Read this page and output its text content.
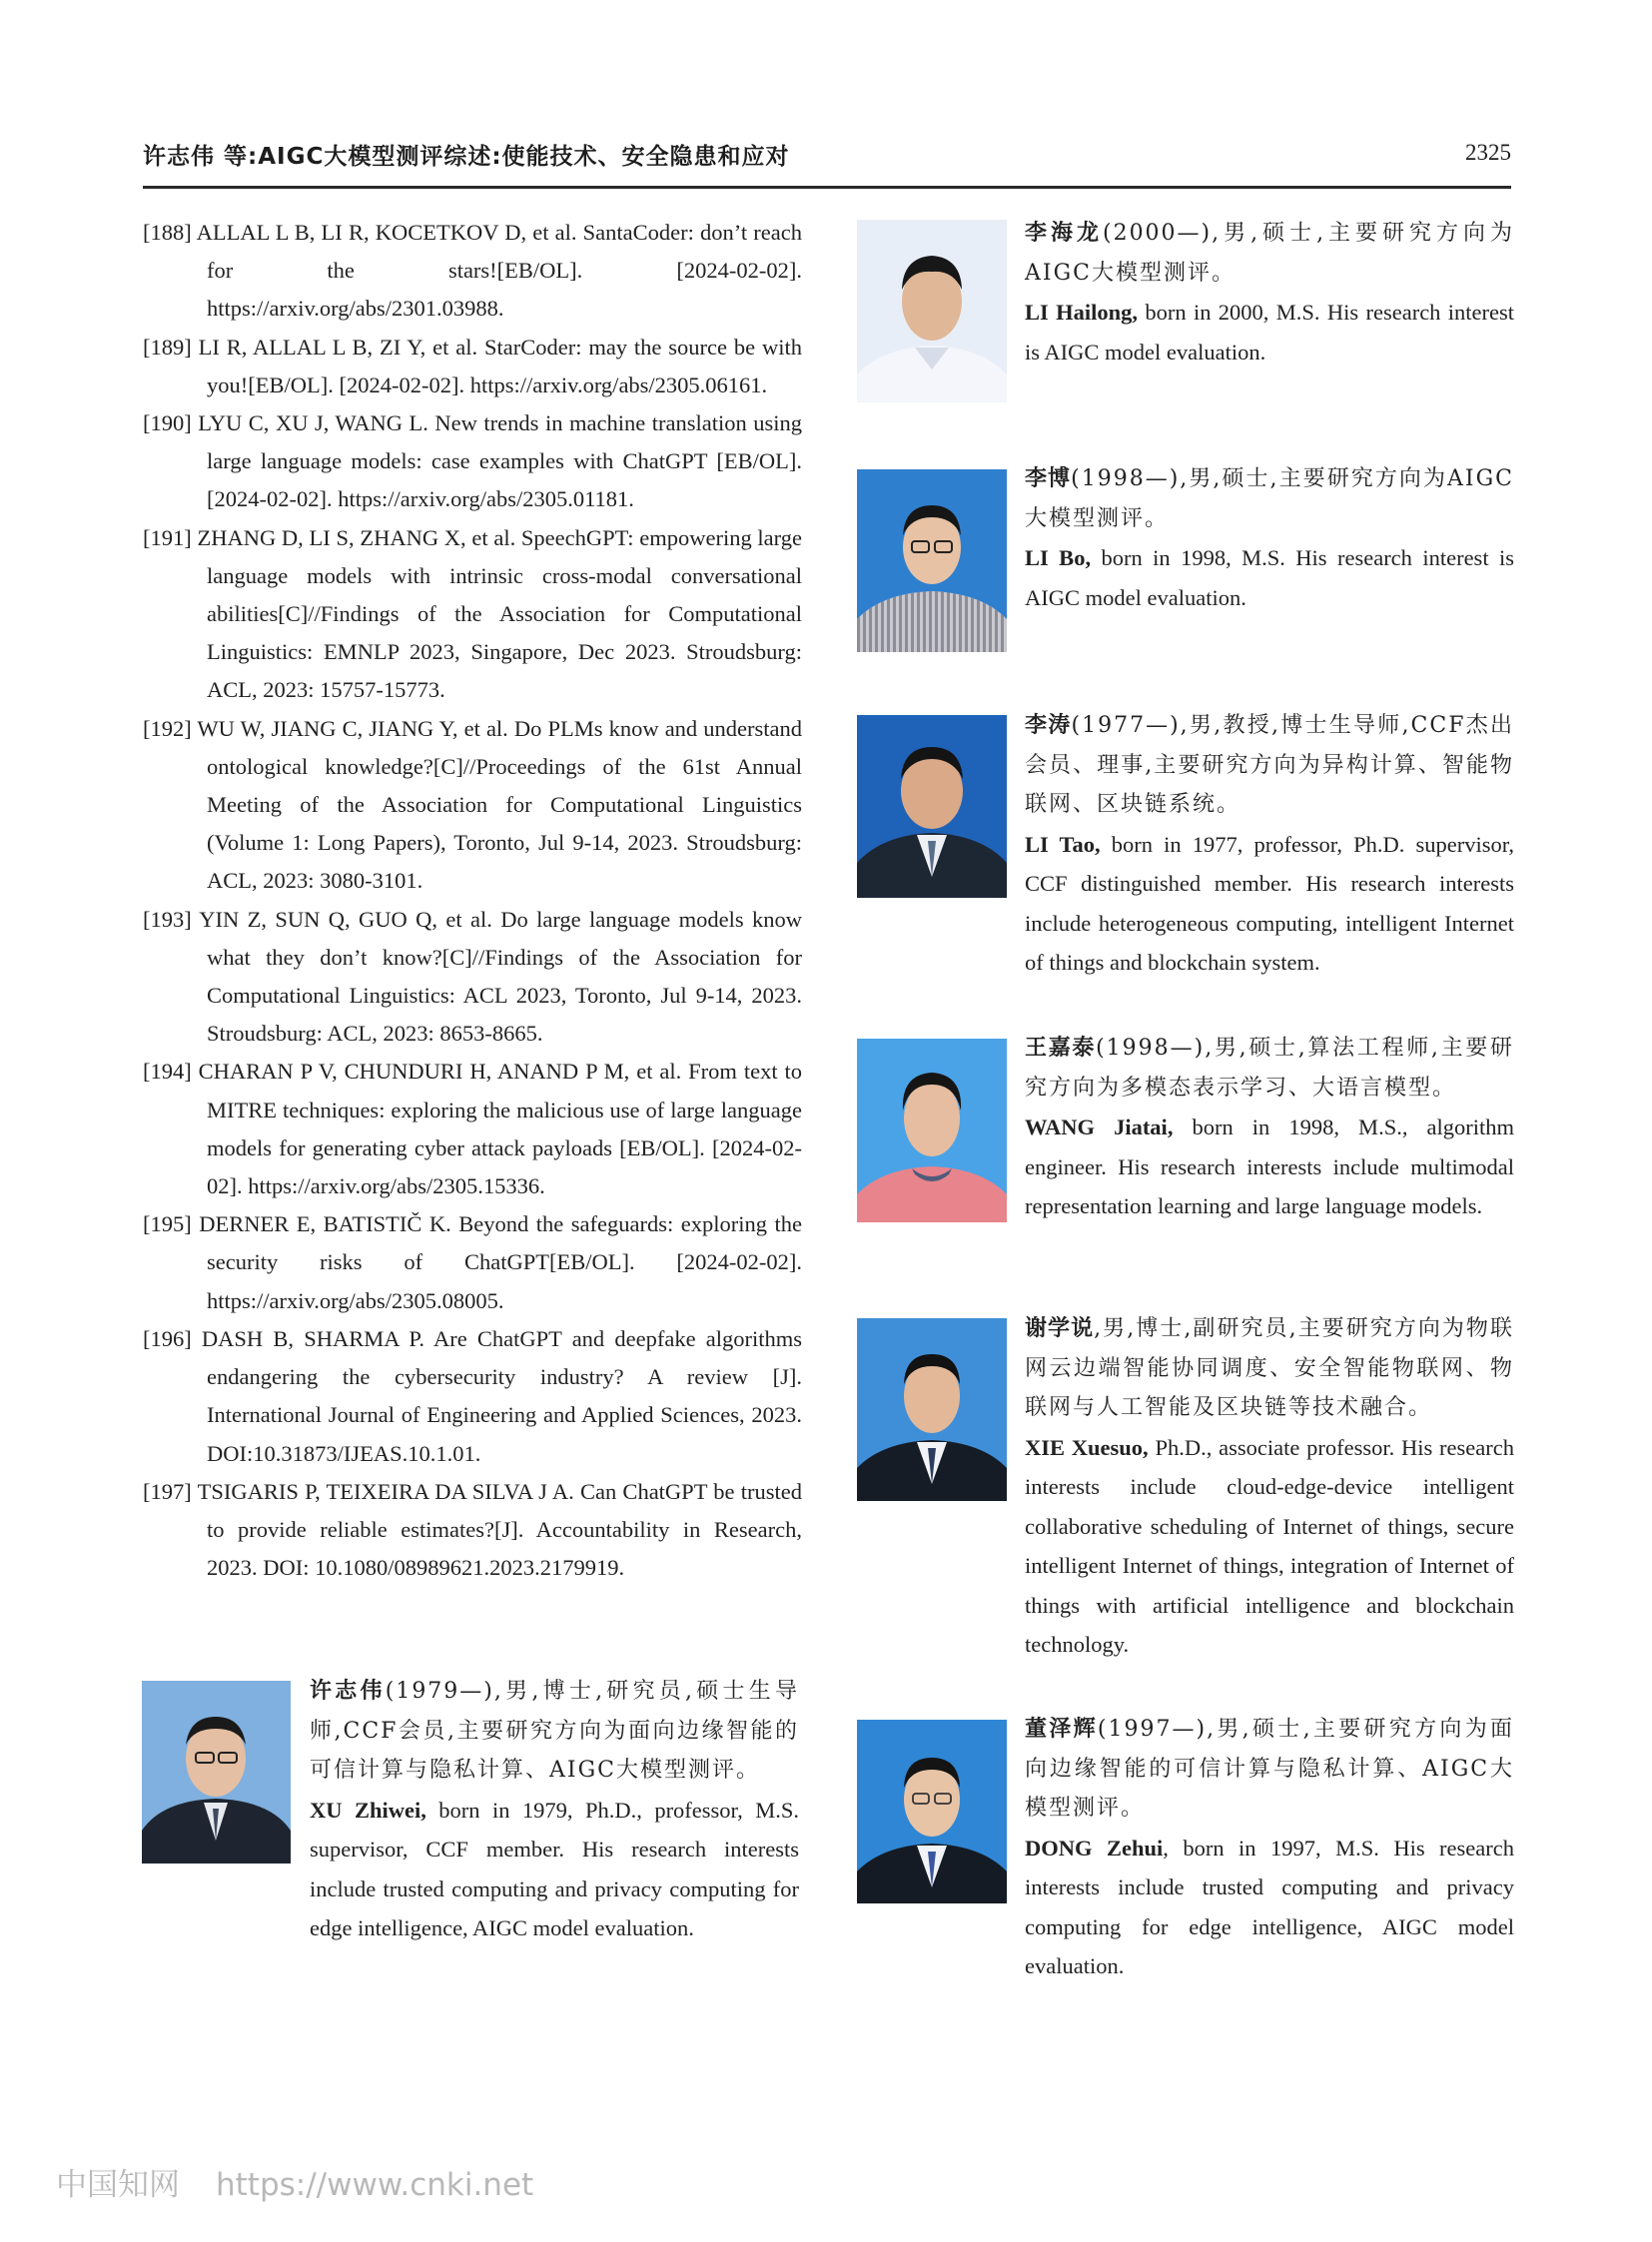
许志伟 等:AIGC大模型测评综述:使能技术、安全隐患和应对	2325

[188] ALLAL L B, LI R, KOCETKOV D, et al. SantaCoder: don’t reach for the stars![EB/OL]. [2024-02-02]. https://arxiv.org/abs/2301.03988.

[189] LI R, ALLAL L B, ZI Y, et al. StarCoder: may the source be with you![EB/OL]. [2024-02-02]. https://arxiv.org/abs/2305.06161.

[190] LYU C, XU J, WANG L. New trends in machine translation using large language models: case examples with ChatGPT [EB/OL]. [2024-02-02]. https://arxiv.org/abs/2305.01181.

[191] ZHANG D, LI S, ZHANG X, et al. SpeechGPT: empowering large language models with intrinsic cross-modal conversational abilities[C]//Findings of the Association for Computational Linguistics: EMNLP 2023, Singapore, Dec 2023. Stroudsburg: ACL, 2023: 15757-15773.

[192] WU W, JIANG C, JIANG Y, et al. Do PLMs know and understand ontological knowledge?[C]//Proceedings of the 61st Annual Meeting of the Association for Computational Linguistics (Volume 1: Long Papers), Toronto, Jul 9-14, 2023. Stroudsburg: ACL, 2023: 3080-3101.

[193] YIN Z, SUN Q, GUO Q, et al. Do large language models know what they don’t know?[C]//Findings of the Association for Computational Linguistics: ACL 2023, Toronto, Jul 9-14, 2023. Stroudsburg: ACL, 2023: 8653-8665.

[194] CHARAN P V, CHUNDURI H, ANAND P M, et al. From text to MITRE techniques: exploring the malicious use of large language models for generating cyber attack payloads [EB/OL]. [2024-02-02]. https://arxiv.org/abs/2305.15336.

[195] DERNER E, BATISTIČ K. Beyond the safeguards: exploring the security risks of ChatGPT[EB/OL]. [2024-02-02]. https://arxiv.org/abs/2305.08005.

[196] DASH B, SHARMA P. Are ChatGPT and deepfake algorithms endangering the cybersecurity industry? A review [J]. International Journal of Engineering and Applied Sciences, 2023. DOI:10.31873/IJEAS.10.1.01.

[197] TSIGARIS P, TEIXEIRA DA SILVA J A. Can ChatGPT be trusted to provide reliable estimates?[J]. Accountability in Research, 2023. DOI: 10.1080/08989621.2023.2179919.

许志伟(1979—),男,博士,研究员,硕士生导师,CCF会员,主要研究方向为面向边缘智能的可信计算与隐私计算、AIGC大模型测评。
XU Zhiwei, born in 1979, Ph.D., professor, M.S. supervisor, CCF member. His research interests include trusted computing and privacy computing for edge intelligence, AIGC model evaluation.
李海龙(2000—),男,硕士,主要研究方向为AIGC大模型测评。
LI Hailong, born in 2000, M.S. His research interest is AIGC model evaluation.
李博(1998—),男,硕士,主要研究方向为AIGC大模型测评。
LI Bo, born in 1998, M.S. His research interest is AIGC model evaluation.
李涛(1977—),男,教授,博士生导师,CCF杰出会员、理事,主要研究方向为异构计算、智能物联网、区块链系统。
LI Tao, born in 1977, professor, Ph.D. supervisor, CCF distinguished member. His research interests include heterogeneous computing, intelligent Internet of things and blockchain system.
王嘉泰(1998—),男,硕士,算法工程师,主要研究方向为多模态表示学习、大语言模型。
WANG Jiatai, born in 1998, M.S., algorithm engineer. His research interests include multimodal representation learning and large language models.
谢学说,男,博士,副研究员,主要研究方向为物联网云边端智能协同调度、安全智能物联网、物联网与人工智能及区块链等技术融合。
XIE Xuesuo, Ph.D., associate professor. His research interests include cloud-edge-device intelligent collaborative scheduling of Internet of things, secure intelligent Internet of things, integration of Internet of things with artificial intelligence and blockchain technology.
董泽辉(1997—),男,硕士,主要研究方向为面向边缘智能的可信计算与隐私计算、AIGC大模型测评。
DONG Zehui, born in 1997, M.S. His research interests include trusted computing and privacy computing for edge intelligence, AIGC model evaluation.
中国知网 https://www.cnki.net
